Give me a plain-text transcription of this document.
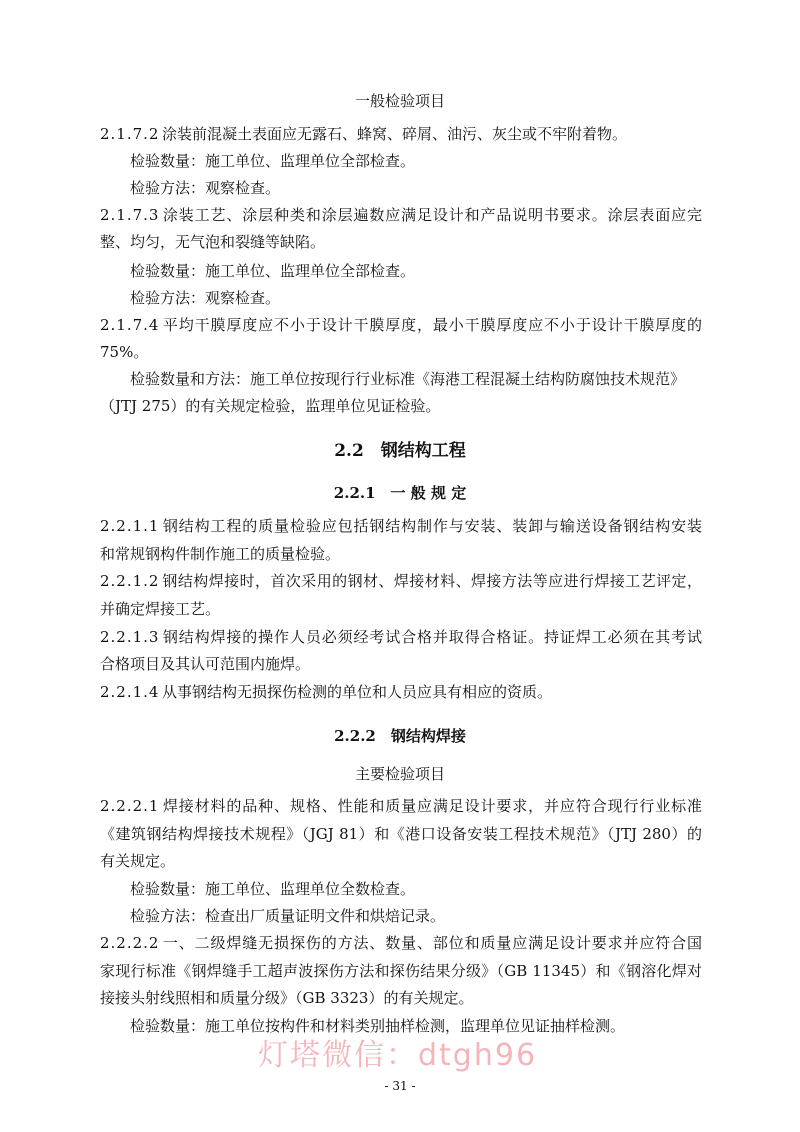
一般检验项目
2.1.7.2 涂装前混凝土表面应无露石、蜂窝、碎屑、油污、灰尘或不牢附着物。
检验数量：施工单位、监理单位全部检查。
检验方法：观察检查。
2.1.7.3 涂装工艺、涂层种类和涂层遍数应满足设计和产品说明书要求。涂层表面应完
整、均匀，无气泡和裂缝等缺陷。
检验数量：施工单位、监理单位全部检查。
检验方法：观察检查。
2.1.7.4 平均干膜厚度应不小于设计干膜厚度，最小干膜厚度应不小于设计干膜厚度的
75%。
检验数量和方法：施工单位按现行行业标准《海港工程混凝土结构防腐蚀技术规范》
（JTJ 275）的有关规定检验，监理单位见证检验。
2.2　钢结构工程
2.2.1　一 般 规 定
2.2.1.1 钢结构工程的质量检验应包括钢结构制作与安装、装卸与输送设备钢结构安装
和常规钢构件制作施工的质量检验。
2.2.1.2 钢结构焊接时，首次采用的钢材、焊接材料、焊接方法等应进行焊接工艺评定，
并确定焊接工艺。
2.2.1.3 钢结构焊接的操作人员必须经考试合格并取得合格证。持证焊工必须在其考试
合格项目及其认可范围内施焊。
2.2.1.4 从事钢结构无损探伤检测的单位和人员应具有相应的资质。
2.2.2　钢结构焊接
主要检验项目
2.2.2.1 焊接材料的品种、规格、性能和质量应满足设计要求，并应符合现行行业标准
《建筑钢结构焊接技术规程》（JGJ 81）和《港口设备安装工程技术规范》（JTJ 280）的
有关规定。
检验数量：施工单位、监理单位全数检查。
检验方法：检查出厂质量证明文件和烘焙记录。
2.2.2.2 一、二级焊缝无损探伤的方法、数量、部位和质量应满足设计要求并应符合国
家现行标准《钢焊缝手工超声波探伤方法和探伤结果分级》（GB 11345）和《钢溶化焊对
接接头射线照相和质量分级》（GB 3323）的有关规定。
检验数量：施工单位按构件和材料类别抽样检测，监理单位见证抽样检测。
灯塔微信：dtgh96
- 31 -
